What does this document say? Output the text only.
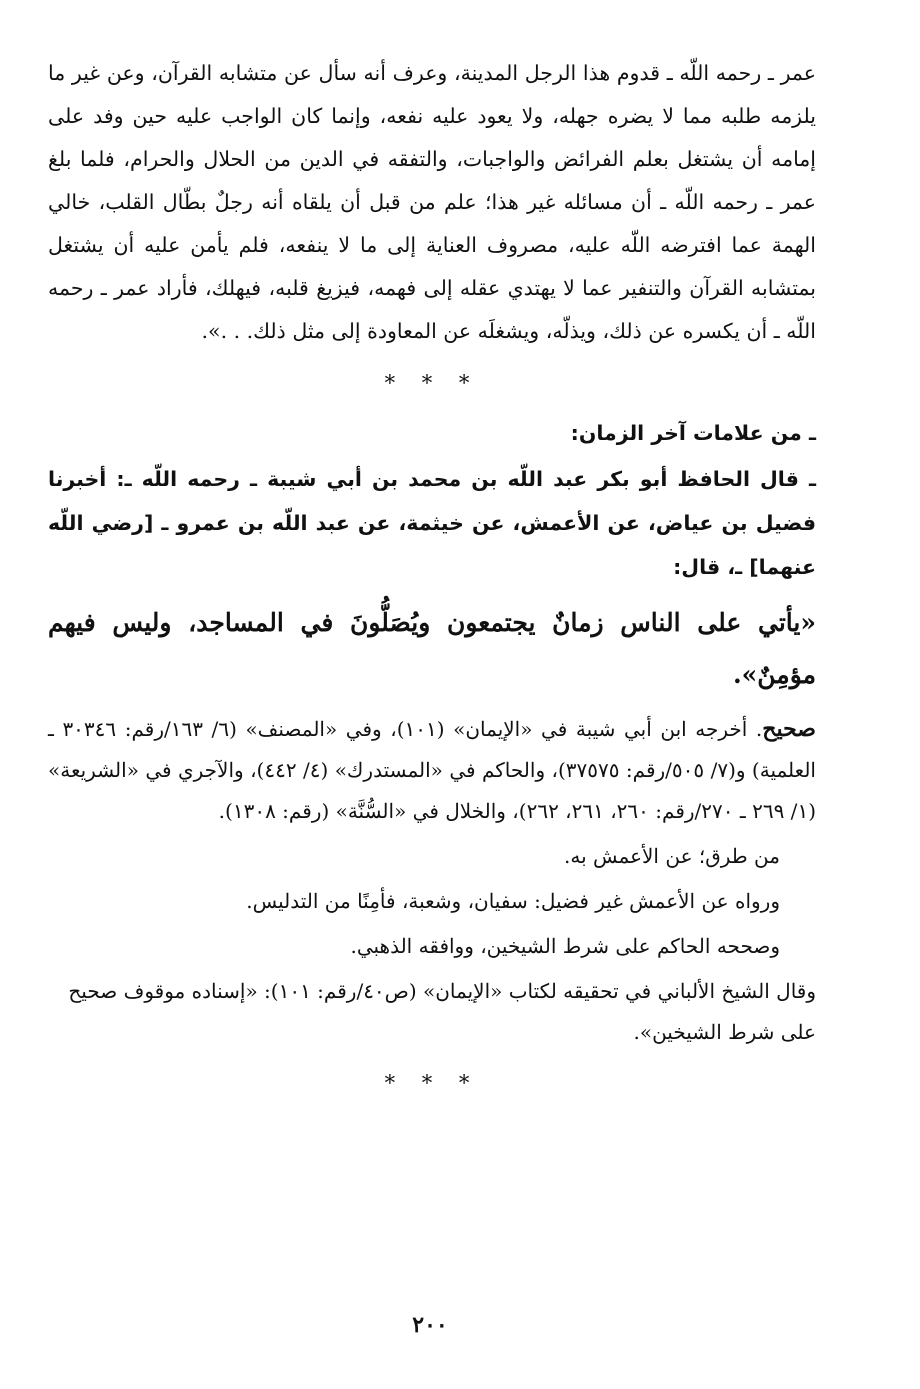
عمر ـ رحمه اللّه ـ قدوم هذا الرجل المدينة، وعرف أنه سأل عن متشابه القرآن، وعن غير ما يلزمه طلبه مما لا يضره جهله، ولا يعود عليه نفعه، وإنما كان الواجب عليه حين وفد على إمامه أن يشتغل بعلم الفرائض والواجبات، والتفقه في الدين من الحلال والحرام، فلما بلغ عمر ـ رحمه اللّه ـ أن مسائله غير هذا؛ علم من قبل أن يلقاه أنه رجلٌ بطّال القلب، خالي الهمة عما افترضه اللّه عليه، مصروف العناية إلى ما لا ينفعه، فلم يأمن عليه أن يشتغل بمتشابه القرآن والتنفير عما لا يهتدي عقله إلى فهمه، فيزيغ قلبه، فيهلك، فأراد عمر ـ رحمه اللّه ـ أن يكسره عن ذلك، ويذلّه، ويشغلَه عن المعاودة إلى مثل ذلك. . .».

* * *
ـ من علامات آخر الزمان:

ـ قال الحافظ أبو بكر عبد اللّه بن محمد بن أبي شيبة ـ رحمه اللّه ـ: أخبرنا فضيل بن عياض، عن الأعمش، عن خيثمة، عن عبد اللّه بن عمرو ـ [رضي اللّه عنهما] ـ، قال:

«يأتي على الناس زمانٌ يجتمعون ويُصَلُّونَ في المساجد، وليس فيهم مؤمِنٌ».

صحيح. أخرجه ابن أبي شيبة في «الإيمان» (١٠١)، وفي «المصنف» (٦/ ١٦٣/رقم: ٣٠٣٤٦ ـ العلمية) و(٧/ ٥٠٥/رقم: ٣٧٥٧٥)، والحاكم في «المستدرك» (٤/ ٤٤٢)، والآجري في «الشريعة» (١/ ٢٦٩ ـ ٢٧٠/رقم: ٢٦٠، ٢٦١، ٢٦٢)، والخلال في «السُّنَّة» (رقم: ١٣٠٨).

من طرق؛ عن الأعمش به.

ورواه عن الأعمش غير فضيل: سفيان، وشعبة، فأمِنًا من التدليس.

وصححه الحاكم على شرط الشيخين، ووافقه الذهبي.

وقال الشيخ الألباني في تحقيقه لكتاب «الإيمان» (ص٤٠/رقم: ١٠١): «إسناده موقوف صحيح على شرط الشيخين».

* * *
٢٠٠
